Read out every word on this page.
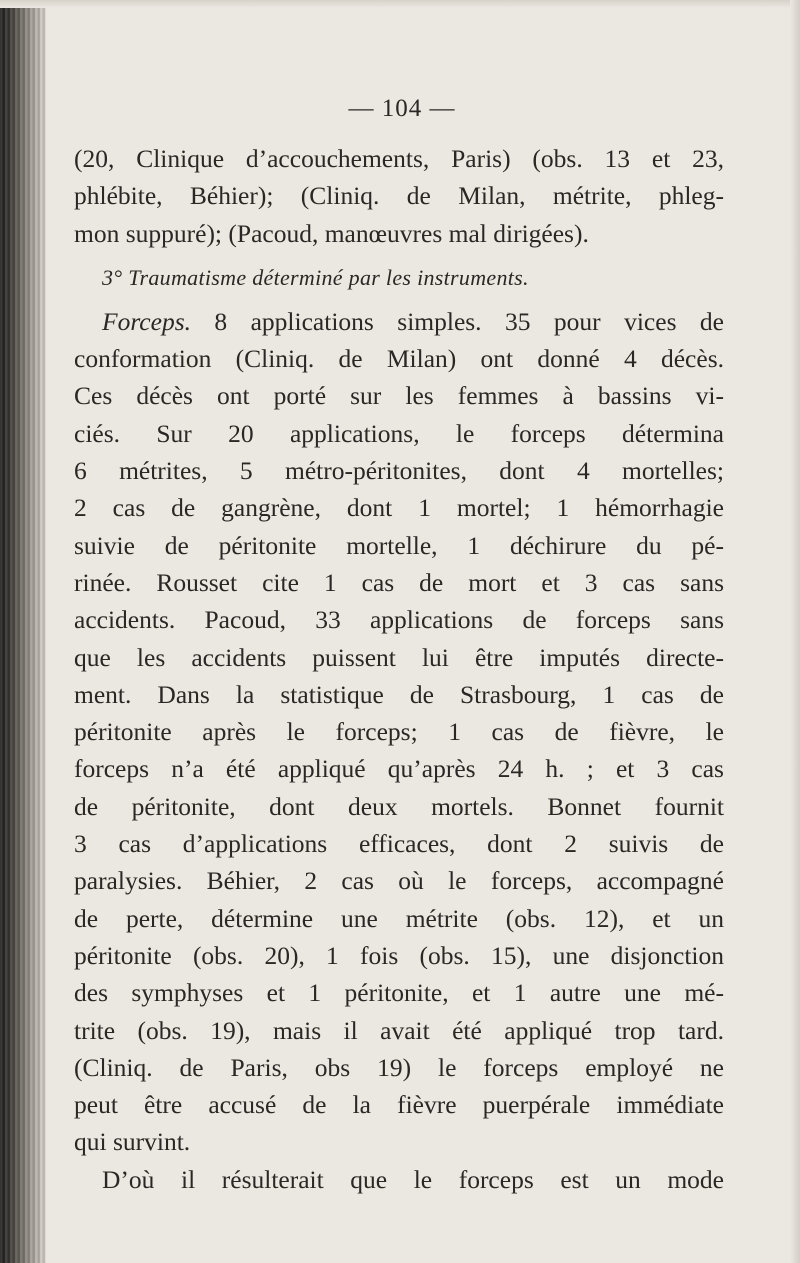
— 104 —
(20, Clinique d’accouchements, Paris) (obs. 13 et 23,
phlébite, Béhier); (Cliniq. de Milan, métrite, phleg-
mon suppuré); (Pacoud, manœuvres mal dirigées).
3° Traumatisme déterminé par les instruments.
Forceps. 8 applications simples. 35 pour vices de
conformation (Cliniq. de Milan) ont donné 4 décès.
Ces décès ont porté sur les femmes à bassins vi-
ciés. Sur 20 applications, le forceps détermina
6 métrites, 5 métro-péritonites, dont 4 mortelles;
2 cas de gangrène, dont 1 mortel; 1 hémorrhagie
suivie de péritonite mortelle, 1 déchirure du pé-
rinée. Rousset cite 1 cas de mort et 3 cas sans
accidents. Pacoud, 33 applications de forceps sans
que les accidents puissent lui être imputés directe-
ment. Dans la statistique de Strasbourg, 1 cas de
péritonite après le forceps; 1 cas de fièvre, le
forceps n’a été appliqué qu’après 24 h. ; et 3 cas
de péritonite, dont deux mortels. Bonnet fournit
3 cas d’applications efficaces, dont 2 suivis de
paralysies. Béhier, 2 cas où le forceps, accompagné
de perte, détermine une métrite (obs. 12), et un
péritonite (obs. 20), 1 fois (obs. 15), une disjonction
des symphyses et 1 péritonite, et 1 autre une mé-
trite (obs. 19), mais il avait été appliqué trop tard.
(Cliniq. de Paris, obs 19) le forceps employé ne
peut être accusé de la fièvre puerpérale immédiate
qui survint.
D’où il résulterait que le forceps est un mode
